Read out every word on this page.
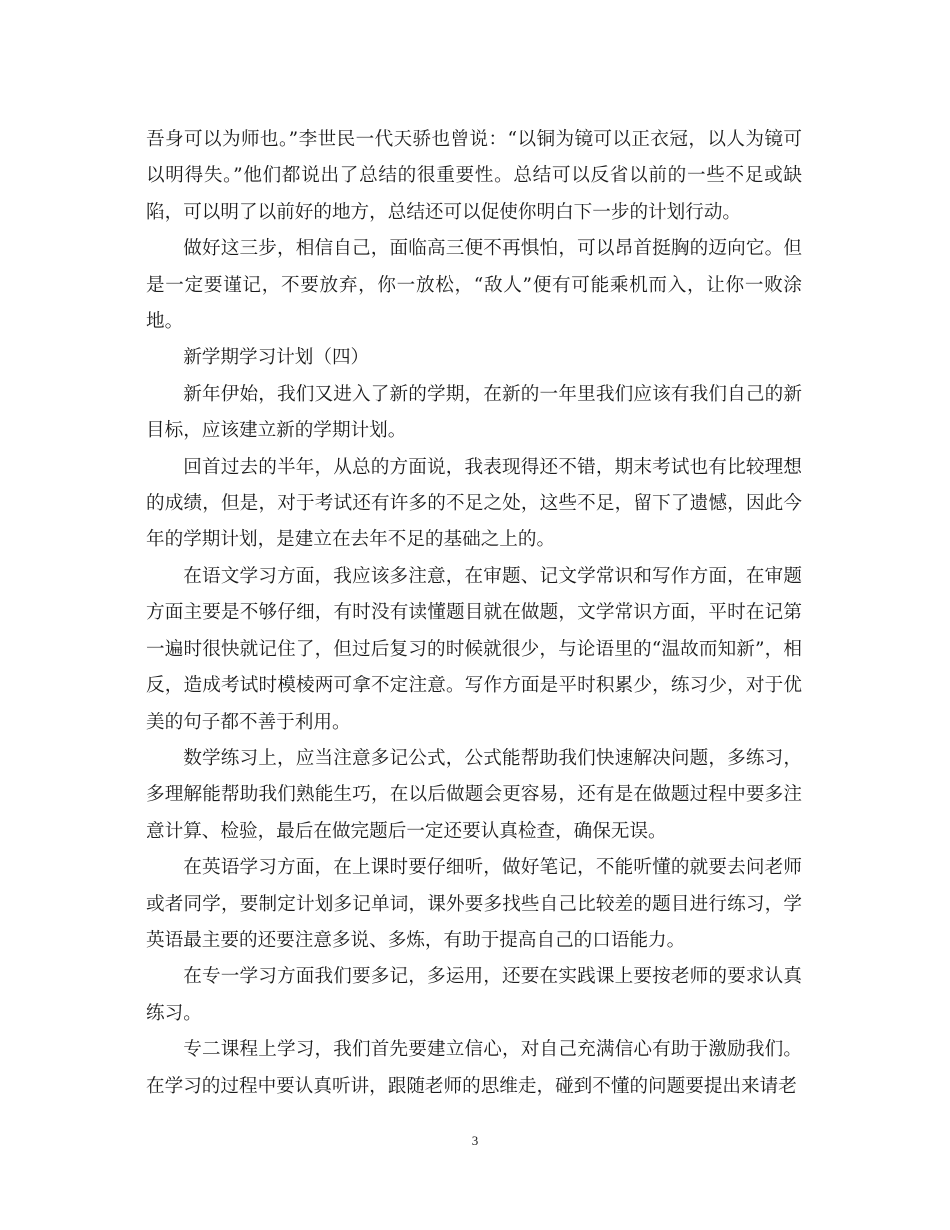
吾身可以为师也。”李世民一代天骄也曾说：“以铜为镜可以正衣冠，以人为镜可以明得失。”他们都说出了总结的很重要性。总结可以反省以前的一些不足或缺陷，可以明了以前好的地方，总结还可以促使你明白下一步的计划行动。

做好这三步，相信自己，面临高三便不再惧怕，可以昂首挺胸的迈向它。但是一定要谨记，不要放弃，你一放松，“敌人”便有可能乘机而入，让你一败涂地。

新学期学习计划（四）

新年伊始，我们又进入了新的学期，在新的一年里我们应该有我们自己的新目标，应该建立新的学期计划。

回首过去的半年，从总的方面说，我表现得还不错，期末考试也有比较理想的成绩，但是，对于考试还有许多的不足之处，这些不足，留下了遗憾，因此今年的学期计划，是建立在去年不足的基础之上的。

在语文学习方面，我应该多注意，在审题、记文学常识和写作方面，在审题方面主要是不够仔细，有时没有读懂题目就在做题，文学常识方面，平时在记第一遍时很快就记住了，但过后复习的时候就很少，与论语里的“温故而知新”，相反，造成考试时模棱两可拿不定注意。写作方面是平时积累少，练习少，对于优美的句子都不善于利用。

数学练习上，应当注意多记公式，公式能帮助我们快速解决问题，多练习，多理解能帮助我们熟能生巧，在以后做题会更容易，还有是在做题过程中要多注意计算、检验，最后在做完题后一定还要认真检查，确保无误。

在英语学习方面，在上课时要仔细听，做好笔记，不能听懂的就要去问老师或者同学，要制定计划多记单词，课外要多找些自己比较差的题目进行练习，学英语最主要的还要注意多说、多炼，有助于提高自己的口语能力。

在专一学习方面我们要多记，多运用，还要在实践课上要按老师的要求认真练习。

专二课程上学习，我们首先要建立信心，对自己充满信心有助于激励我们。在学习的过程中要认真听讲，跟随老师的思维走，碰到不懂的问题要提出来请老

3
